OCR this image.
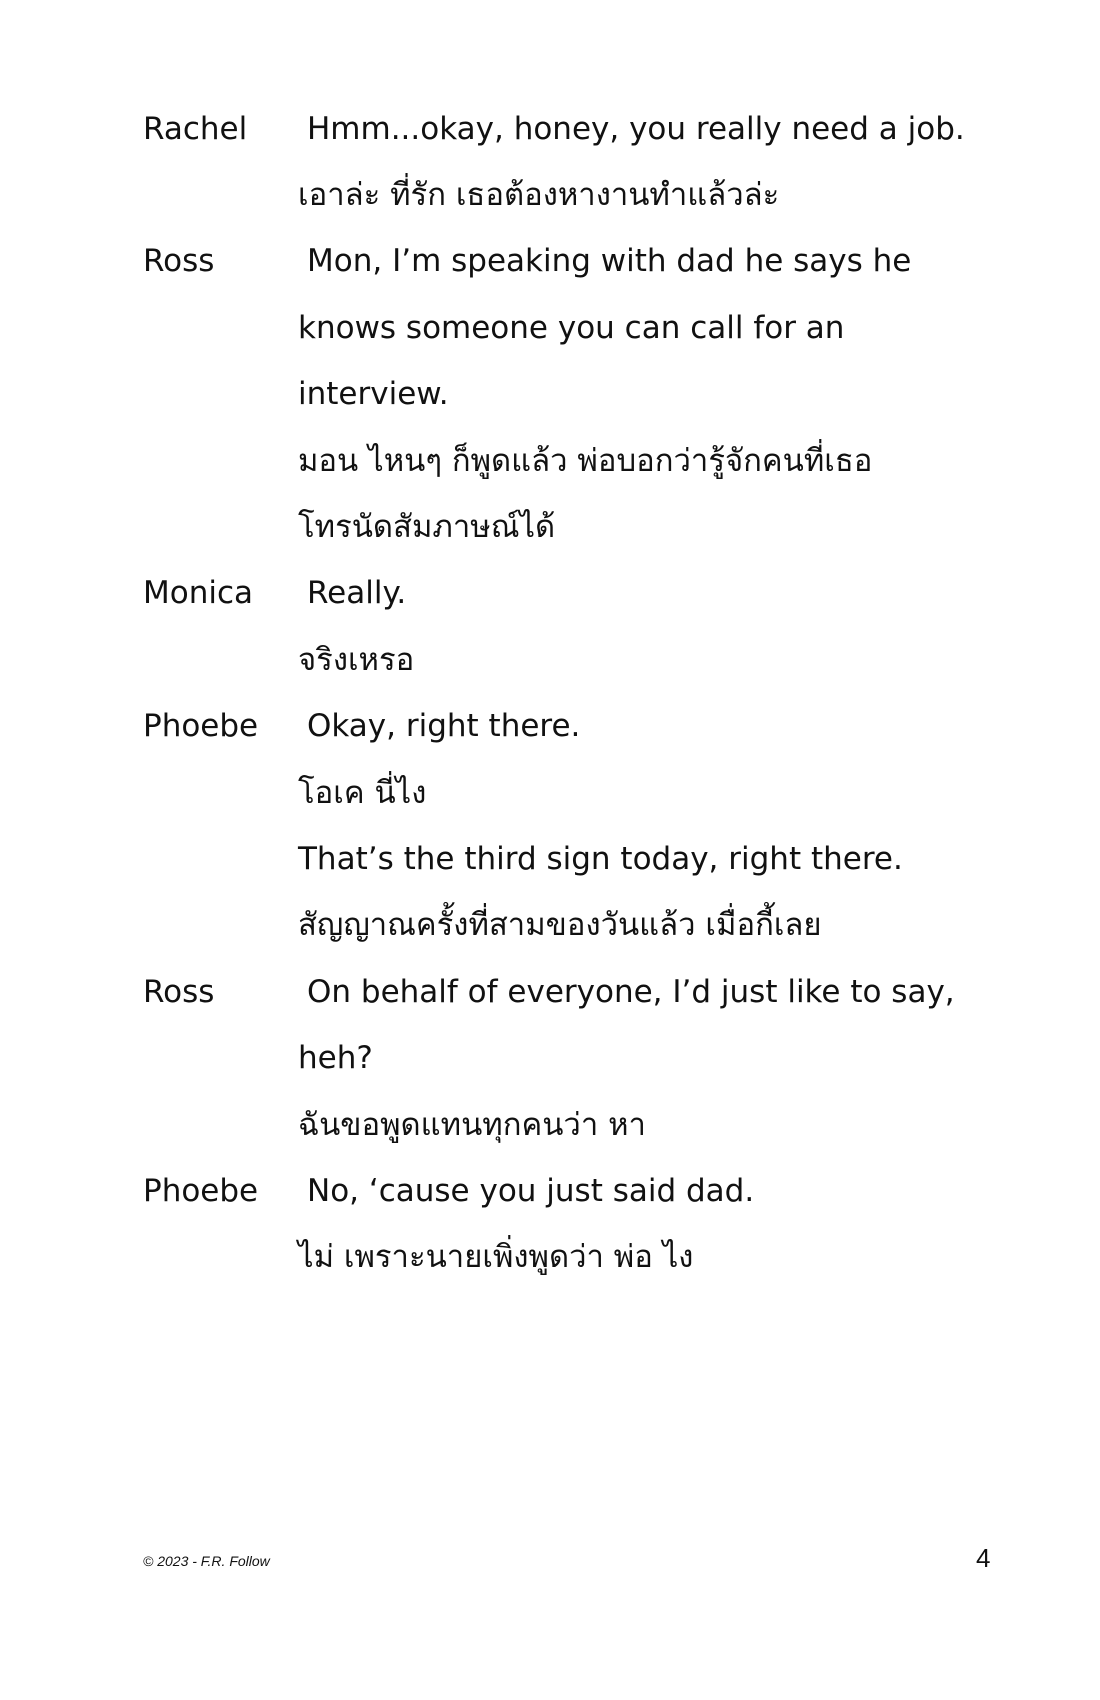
Rachel	Hmm...okay, honey, you really need a job.
เอาล่ะ ที่รัก เธอต้องหางานทำแล้วล่ะ
Ross	Mon, I’m speaking with dad he says he
knows someone you can call for an
interview.
มอน ไหนๆ ก็พูดแล้ว พ่อบอกว่ารู้จักคนที่เธอ
โทรนัดสัมภาษณ์ได้
Monica	Really.
จริงเหรอ
Phoebe	Okay, right there.
โอเค นี่ไง
That’s the third sign today, right there.
สัญญาณครั้งที่สามของวันแล้ว เมื่อกี้เลย
Ross	On behalf of everyone, I’d just like to say,
heh?
ฉันขอพูดแทนทุกคนว่า หา
Phoebe	No, ‘cause you just said dad.
ไม่ เพราะนายเพิ่งพูดว่า พ่อ ไง
© 2023 - F.R. Follow	4
